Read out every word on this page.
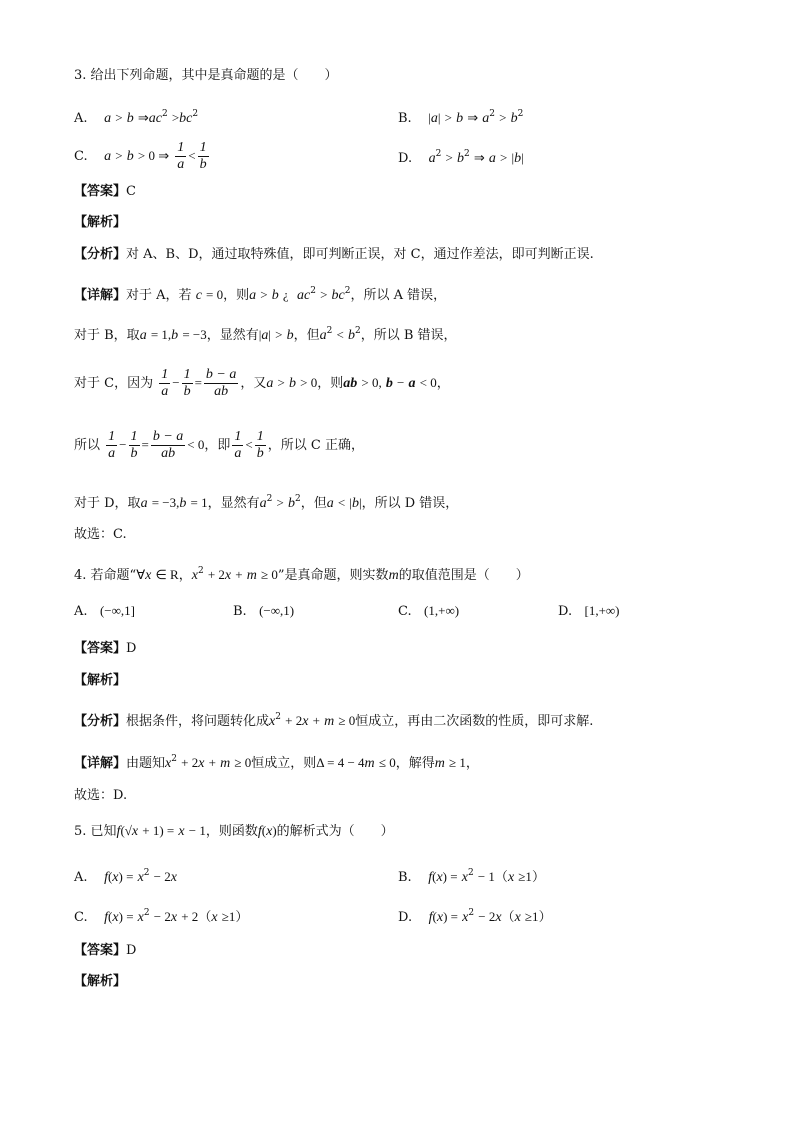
3. 给出下列命题，其中是真命题的是（　　）
A. a > b $\Rightarrow ac^2 >bc^2$	B. |a| > b ⇒ $a^2 > b^2$
C. a > b > 0 ⇒ $\frac{1}{a} < \frac{1}{b}$	D. $a^2 > b^2$ ⇒ a > |b|
【答案】C
【解析】
【分析】对 A、B、D，通过取特殊值，即可判断正误，对 C，通过作差法，即可判断正误.
【详解】对于 A，若 c = 0，则a > b ¿ $ac^2 > bc^2$，所以 A 错误，
对于 B，取a = 1,b = −3，显然有|a| > b，但$a^2 < b^2$，所以 B 错误，
对于 C，因为 $\frac{1}{a} - \frac{1}{b} = \frac{b - a}{ab}$ ，又a > b > 0，则ab > 0, b − a < 0，
所以 $\frac{1}{a} - \frac{1}{b} = \frac{b - a}{ab} < 0$，即 $\frac{1}{a} < \frac{1}{b}$ ，所以 C 正确，
对于 D，取a = −3,b = 1，显然有$a^2 > b^2$，但a < |b|，所以 D 错误，
故选：C.
4. 若命题“∀x ∈ R，$x^2 + 2x + m \ge 0$”是真命题，则实数m的取值范围是（　　）
A. (−∞,1]	B. (−∞,1)	C. (1,+∞)	D. [1,+∞)
【答案】D
【解析】
【分析】根据条件，将问题转化成$x^2 + 2x + m \ge 0$恒成立，再由二次函数的性质，即可求解.
【详解】由题知$x^2 + 2x + m \ge 0$恒成立，则Δ = 4 − 4m ≤ 0，解得m ≥ 1，
故选：D.
5. 已知f(√x + 1) = x − 1，则函数f(x)的解析式为（　　）
A. $f(x) = x^2 - 2x$	B. $f(x) = x^2 - 1(x \ge 1)$
C. $f(x) = x^2 - 2x + 2(x \ge 1)$	D. $f(x) = x^2 - 2x(x \ge 1)$
【答案】D
【解析】
